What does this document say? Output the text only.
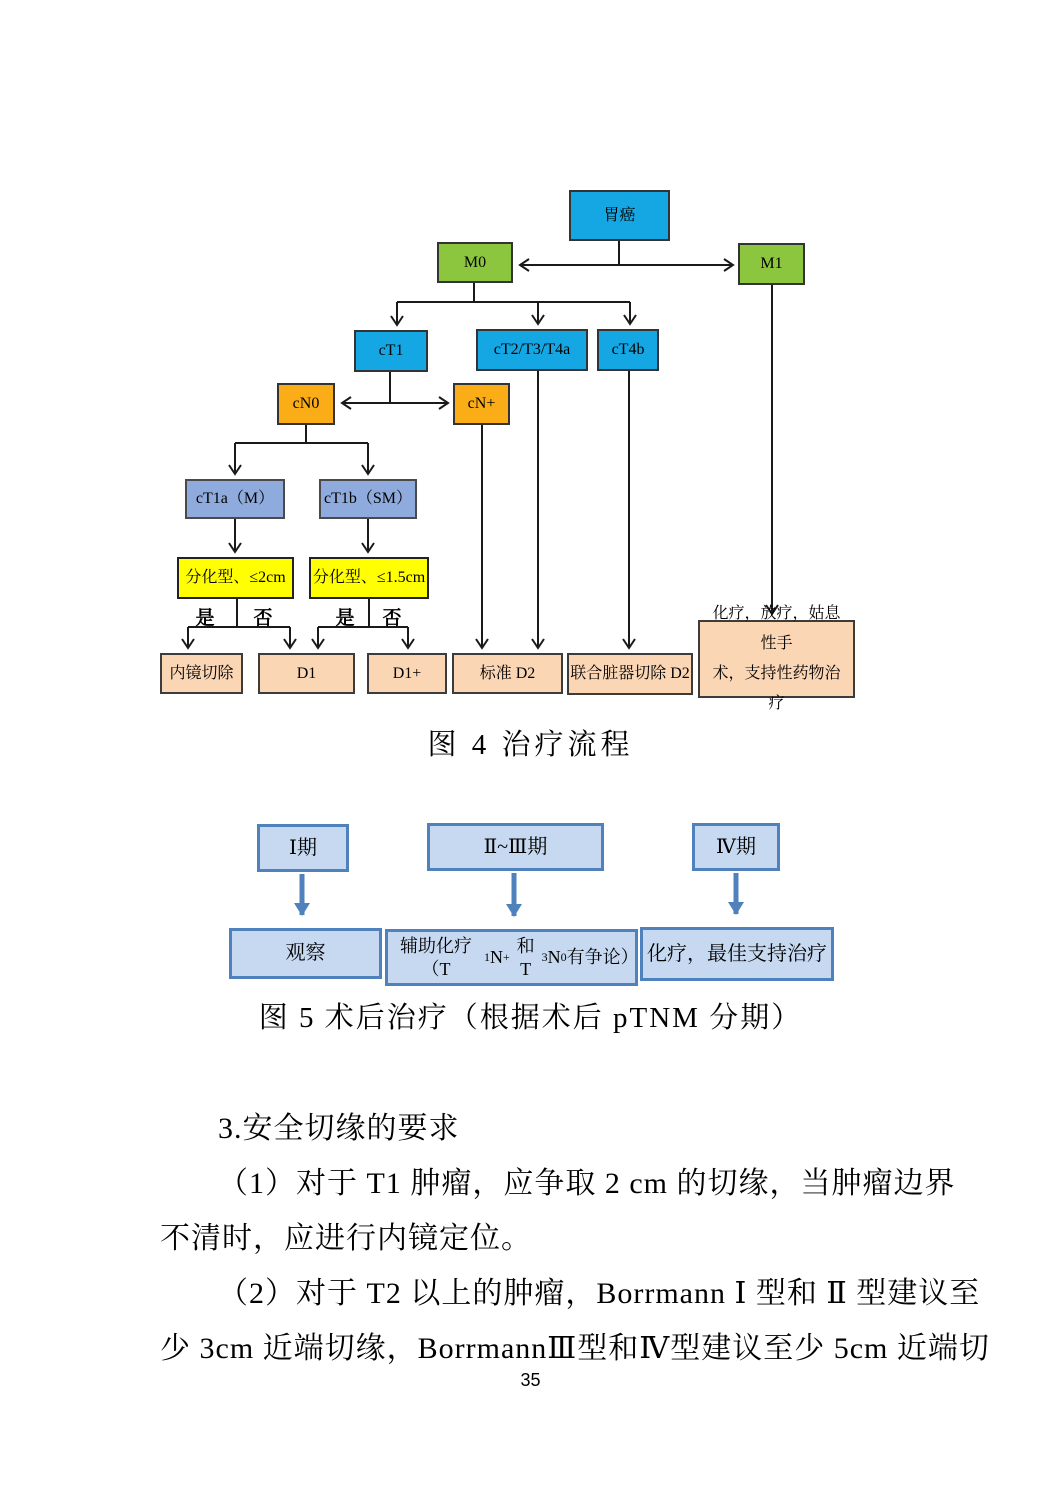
胃癌
M0	M1
cT1	cT2/T3/T4a	cT4b
cN0	cN+
cT1a（M）	cT1b（SM）
分化型、≤2cm	分化型、≤1.5cm
内镜切除	D1	D1+	标准 D2	联合脏器切除 D2
化疗，放疗，姑息性手
术，支持性药物治疗
是	否	是	否
图 4 治疗流程
Ⅰ期	Ⅱ~Ⅲ期	Ⅳ期
观察	辅助化疗（T
1 N +
和 T
3 N 0 有争论） 化疗，最佳支持治疗
图 5 术后治疗（根据术后 pTNM 分期）
3.安全切缘的要求
（1）对于 T1 肿瘤，应争取 2 cm 的切缘，当肿瘤边界
不清时，应进行内镜定位。
（2）对于 T2 以上的肿瘤，Borrmann Ⅰ 型和 Ⅱ 型建议至
少 3cm 近端切缘，BorrmannⅢ型和Ⅳ型建议至少 5cm 近端切
35
